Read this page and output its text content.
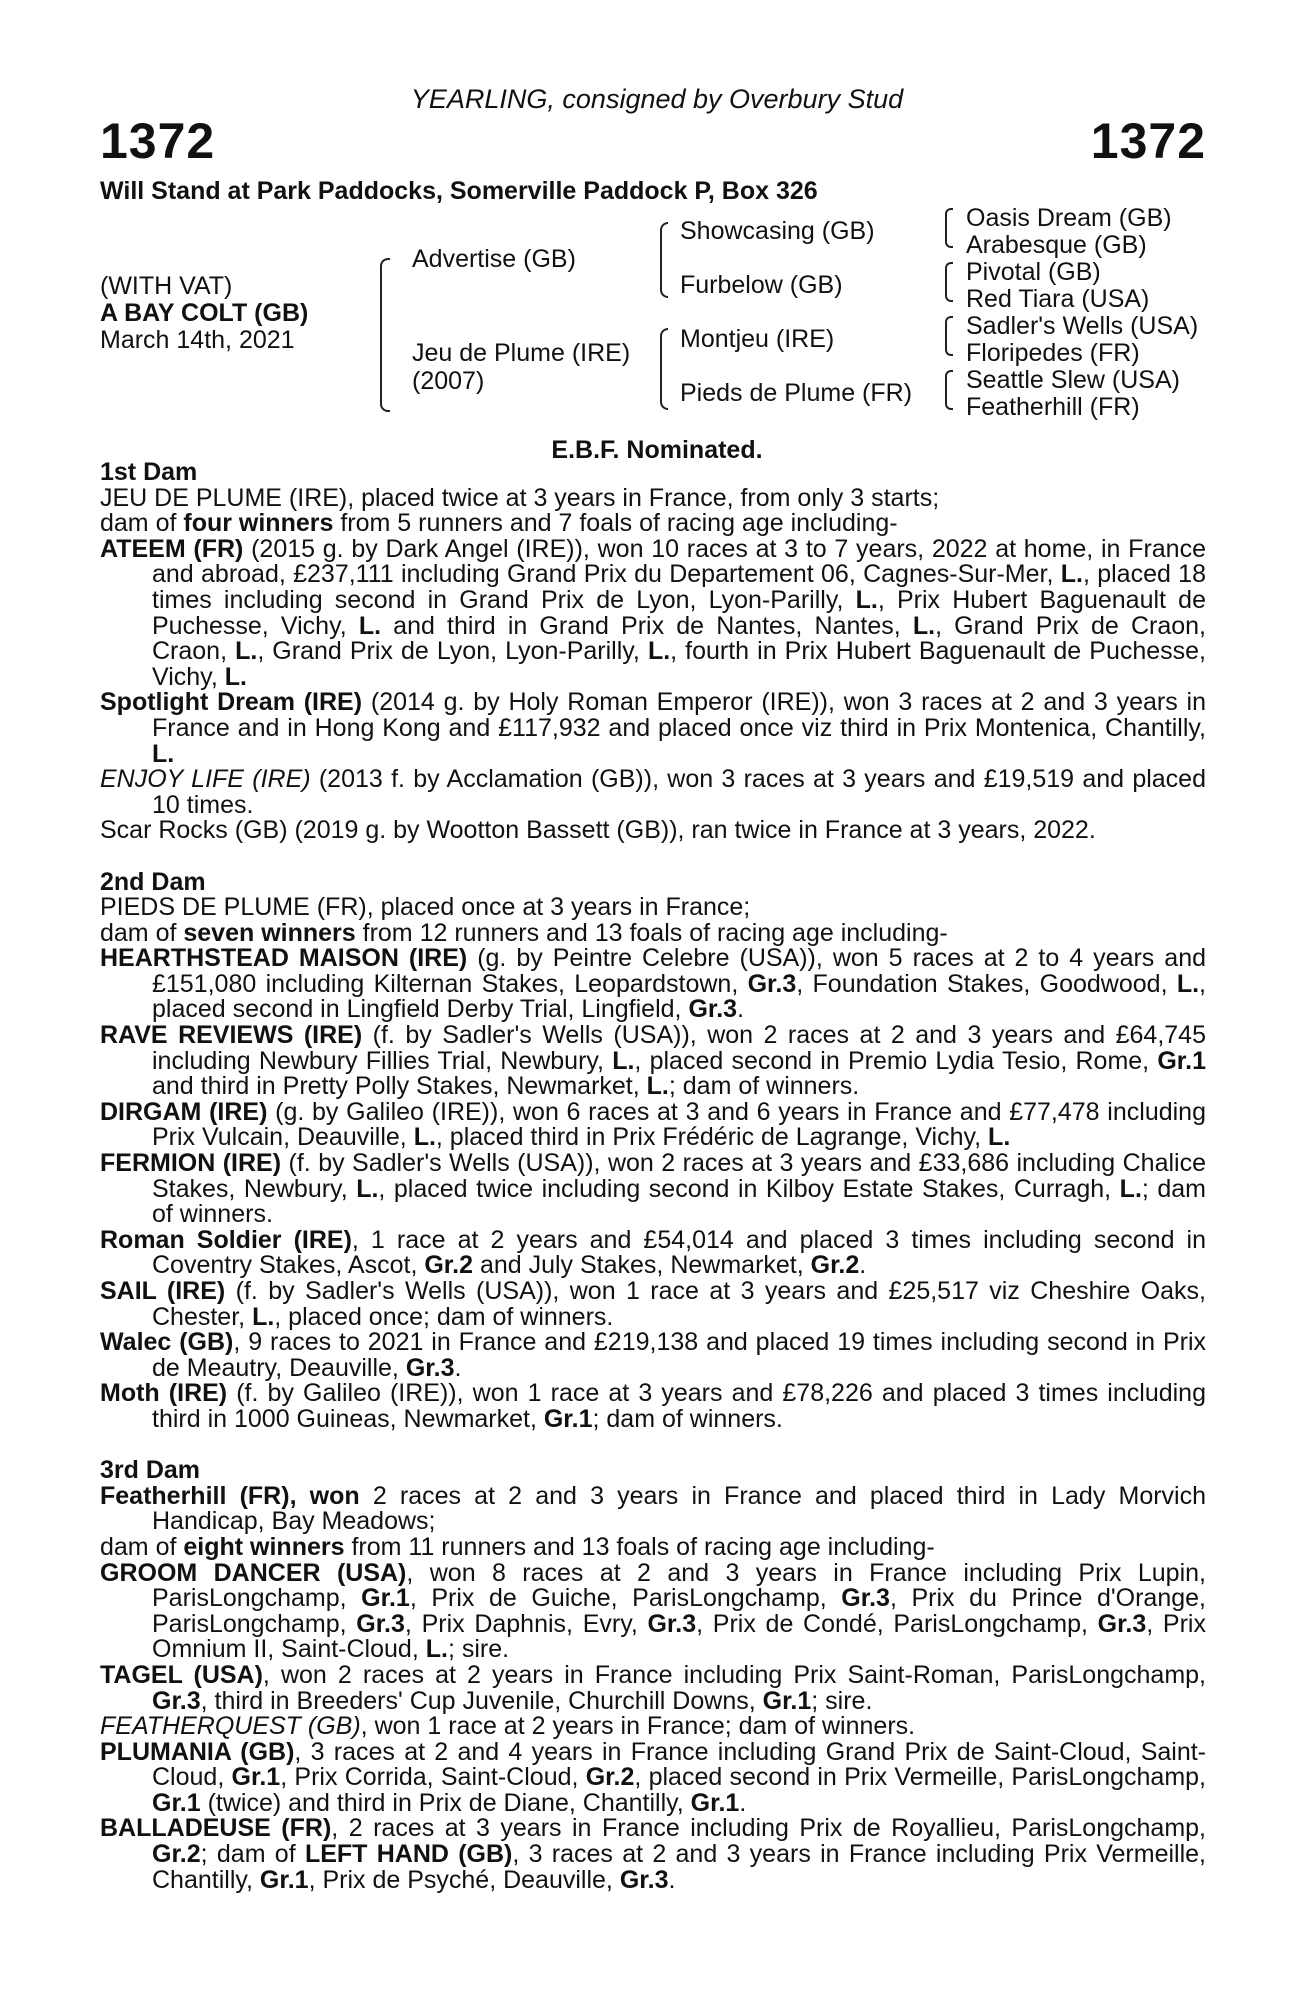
YEARLING, consigned by Overbury Stud
1372	1372
Will Stand at Park Paddocks, Somerville Paddock P, Box 326
(WITH VAT)
A BAY COLT (GB)
March 14th, 2021
Advertise (GB)
Jeu de Plume (IRE)
(2007)
Showcasing (GB)
Furbelow (GB)
Montjeu (IRE)
Pieds de Plume (FR)
Oasis Dream (GB)
Arabesque (GB)
Pivotal (GB)
Red Tiara (USA)
Sadler's Wells (USA)
Floripedes (FR)
Seattle Slew (USA)
Featherhill (FR)
E.B.F. Nominated.

1st Dam

JEU DE PLUME (IRE), placed twice at 3 years in France, from only 3 starts;

dam of four winners from 5 runners and 7 foals of racing age including-

ATEEM (FR) (2015 g. by Dark Angel (IRE)), won 10 races at 3 to 7 years, 2022 at home, in France and abroad, £237,111 including Grand Prix du Departement 06, Cagnes-Sur-Mer, L., placed 18 times including second in Grand Prix de Lyon, Lyon-Parilly, L., Prix Hubert Baguenault de Puchesse, Vichy, L. and third in Grand Prix de Nantes, Nantes, L., Grand Prix de Craon, Craon, L., Grand Prix de Lyon, Lyon-Parilly, L., fourth in Prix Hubert Baguenault de Puchesse, Vichy, L.

Spotlight Dream (IRE) (2014 g. by Holy Roman Emperor (IRE)), won 3 races at 2 and 3 years in France and in Hong Kong and £117,932 and placed once viz third in Prix Montenica, Chantilly, L.

ENJOY LIFE (IRE) (2013 f. by Acclamation (GB)), won 3 races at 3 years and £19,519 and placed 10 times.

Scar Rocks (GB) (2019 g. by Wootton Bassett (GB)), ran twice in France at 3 years, 2022.

2nd Dam

PIEDS DE PLUME (FR), placed once at 3 years in France;

dam of seven winners from 12 runners and 13 foals of racing age including-

HEARTHSTEAD MAISON (IRE) (g. by Peintre Celebre (USA)), won 5 races at 2 to 4 years and £151,080 including Kilternan Stakes, Leopardstown, Gr.3, Foundation Stakes, Goodwood, L., placed second in Lingfield Derby Trial, Lingfield, Gr.3.

RAVE REVIEWS (IRE) (f. by Sadler's Wells (USA)), won 2 races at 2 and 3 years and £64,745 including Newbury Fillies Trial, Newbury, L., placed second in Premio Lydia Tesio, Rome, Gr.1 and third in Pretty Polly Stakes, Newmarket, L.; dam of winners.

DIRGAM (IRE) (g. by Galileo (IRE)), won 6 races at 3 and 6 years in France and £77,478 including Prix Vulcain, Deauville, L., placed third in Prix Frédéric de Lagrange, Vichy, L.

FERMION (IRE) (f. by Sadler's Wells (USA)), won 2 races at 3 years and £33,686 including Chalice Stakes, Newbury, L., placed twice including second in Kilboy Estate Stakes, Curragh, L.; dam of winners.

Roman Soldier (IRE), 1 race at 2 years and £54,014 and placed 3 times including second in Coventry Stakes, Ascot, Gr.2 and July Stakes, Newmarket, Gr.2.

SAIL (IRE) (f. by Sadler's Wells (USA)), won 1 race at 3 years and £25,517 viz Cheshire Oaks, Chester, L., placed once; dam of winners.

Walec (GB), 9 races to 2021 in France and £219,138 and placed 19 times including second in Prix de Meautry, Deauville, Gr.3.

Moth (IRE) (f. by Galileo (IRE)), won 1 race at 3 years and £78,226 and placed 3 times including third in 1000 Guineas, Newmarket, Gr.1; dam of winners.

3rd Dam

Featherhill (FR), won 2 races at 2 and 3 years in France and placed third in Lady Morvich Handicap, Bay Meadows;

dam of eight winners from 11 runners and 13 foals of racing age including-

GROOM DANCER (USA), won 8 races at 2 and 3 years in France including Prix Lupin, ParisLongchamp, Gr.1, Prix de Guiche, ParisLongchamp, Gr.3, Prix du Prince d'Orange, ParisLongchamp, Gr.3, Prix Daphnis, Evry, Gr.3, Prix de Condé, ParisLongchamp, Gr.3, Prix Omnium II, Saint-Cloud, L.; sire.

TAGEL (USA), won 2 races at 2 years in France including Prix Saint-Roman, ParisLongchamp, Gr.3, third in Breeders' Cup Juvenile, Churchill Downs, Gr.1; sire.

FEATHERQUEST (GB), won 1 race at 2 years in France; dam of winners.

PLUMANIA (GB), 3 races at 2 and 4 years in France including Grand Prix de Saint-Cloud, Saint-Cloud, Gr.1, Prix Corrida, Saint-Cloud, Gr.2, placed second in Prix Vermeille, ParisLongchamp, Gr.1 (twice) and third in Prix de Diane, Chantilly, Gr.1.

BALLADEUSE (FR), 2 races at 3 years in France including Prix de Royallieu, ParisLongchamp, Gr.2; dam of LEFT HAND (GB), 3 races at 2 and 3 years in France including Prix Vermeille, Chantilly, Gr.1, Prix de Psyché, Deauville, Gr.3.
